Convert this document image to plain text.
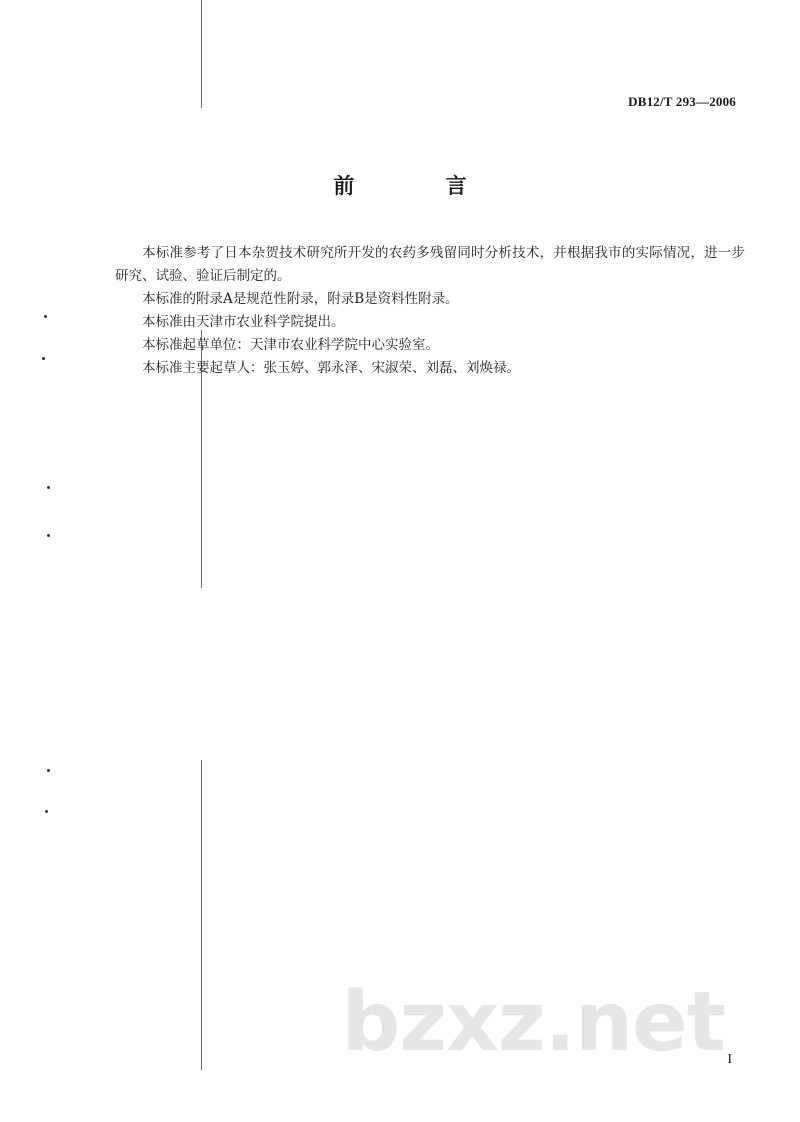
DB12/T 293—2006
前 言

本标准参考了日本杂贺技术研究所开发的农药多残留同时分析技术，并根据我市的实际情况，进一步研究、试验、验证后制定的。

本标准的附录A是规范性附录，附录B是资料性附录。

本标准由天津市农业科学院提出。

本标准起草单位：天津市农业科学院中心实验室。

本标准主要起草人：张玉婷、郭永泽、宋淑荣、刘磊、刘焕禄。

bzxz.net I
